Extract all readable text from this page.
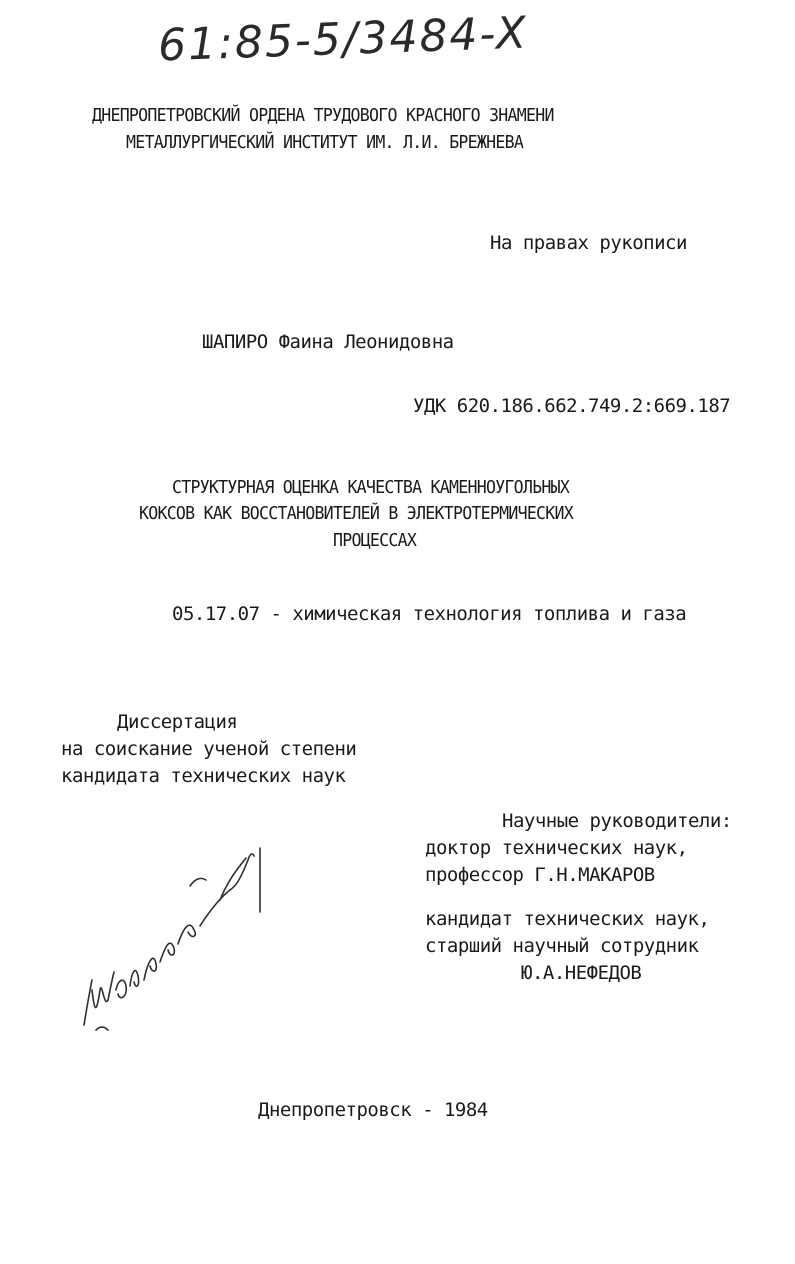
61:85-5/3484-X
ДНЕПРОПЕТРОВСКИЙ ОРДЕНА ТРУДОВОГО КРАСНОГО ЗНАМЕНИ
МЕТАЛЛУРГИЧЕСКИЙ ИНСТИТУТ ИМ. Л.И. БРЕЖНЕВА
На правах рукописи
ШАПИРО Фаина Леонидовна
УДК 620.186.662.749.2:669.187
СТРУКТУРНАЯ ОЦЕНКА КАЧЕСТВА КАМЕННОУГОЛЬНЫХ
КОКСОВ КАК ВОССТАНОВИТЕЛЕЙ В ЭЛЕКТРОТЕРМИЧЕСКИХ
ПРОЦЕССАХ
05.17.07 - химическая технология топлива и газа
Диссертация
на соискание ученой степени
кандидата технических наук
Научные руководители:
доктор технических наук,
профессор Г.Н.МАКАРОВ
кандидат технических наук,
старший научный сотрудник
Ю.А.НЕФЕДОВ
Днепропетровск - 1984
